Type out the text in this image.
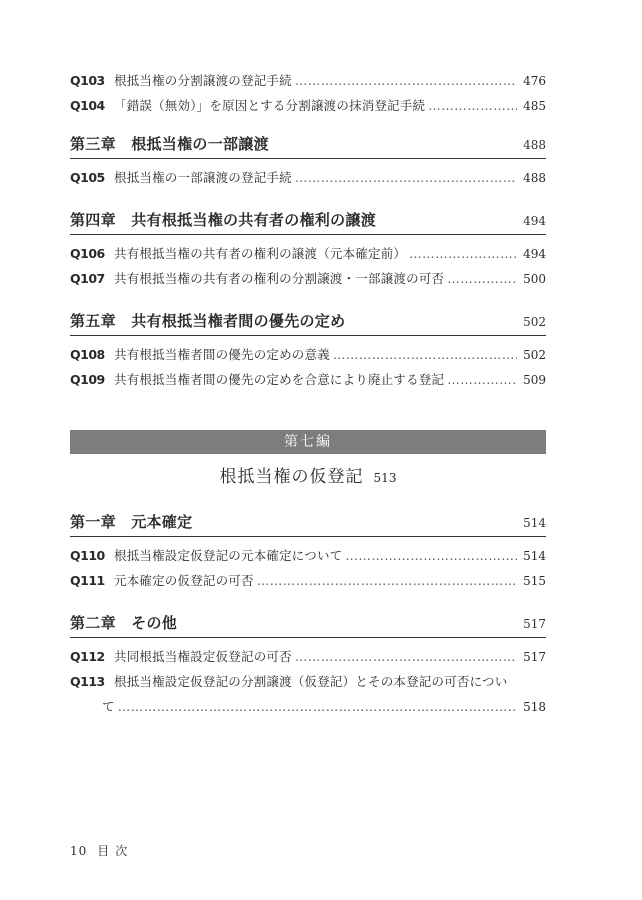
Q103 根抵当権の分割譲渡の登記手続 ………………………………………………………………………………………………………………………………	476
Q104 「錯誤（無効）」を原因とする分割譲渡の抹消登記手続 ………………………………………………………………………………………………………………………………	485
第三章　根抵当権の一部譲渡	488
Q105 根抵当権の一部譲渡の登記手続 ………………………………………………………………………………………………………………………………	488
第四章　共有根抵当権の共有者の権利の譲渡	494
Q106 共有根抵当権の共有者の権利の譲渡（元本確定前） ………………………………………………………………………………………………………………………………	494
Q107 共有根抵当権の共有者の権利の分割譲渡・一部譲渡の可否 ………………………………………………………………………………………………………………………………	500
第五章　共有根抵当権者間の優先の定め	502
Q108 共有根抵当権者間の優先の定めの意義 ………………………………………………………………………………………………………………………………	502
Q109 共有根抵当権者間の優先の定めを合意により廃止する登記 ………………………………………………………………………………………………………………………………	509
第七編
根抵当権の仮登記 513
第一章　元本確定	514
Q110 根抵当権設定仮登記の元本確定について ………………………………………………………………………………………………………………………………	514
Q111 元本確定の仮登記の可否 ………………………………………………………………………………………………………………………………	515
第二章　その他	517
Q112 共同根抵当権設定仮登記の可否 ………………………………………………………………………………………………………………………………	517
Q113 根抵当権設定仮登記の分割譲渡（仮登記）とその本登記の可否につい
て ………………………………………………………………………………………………………………………………	518
10 目次
